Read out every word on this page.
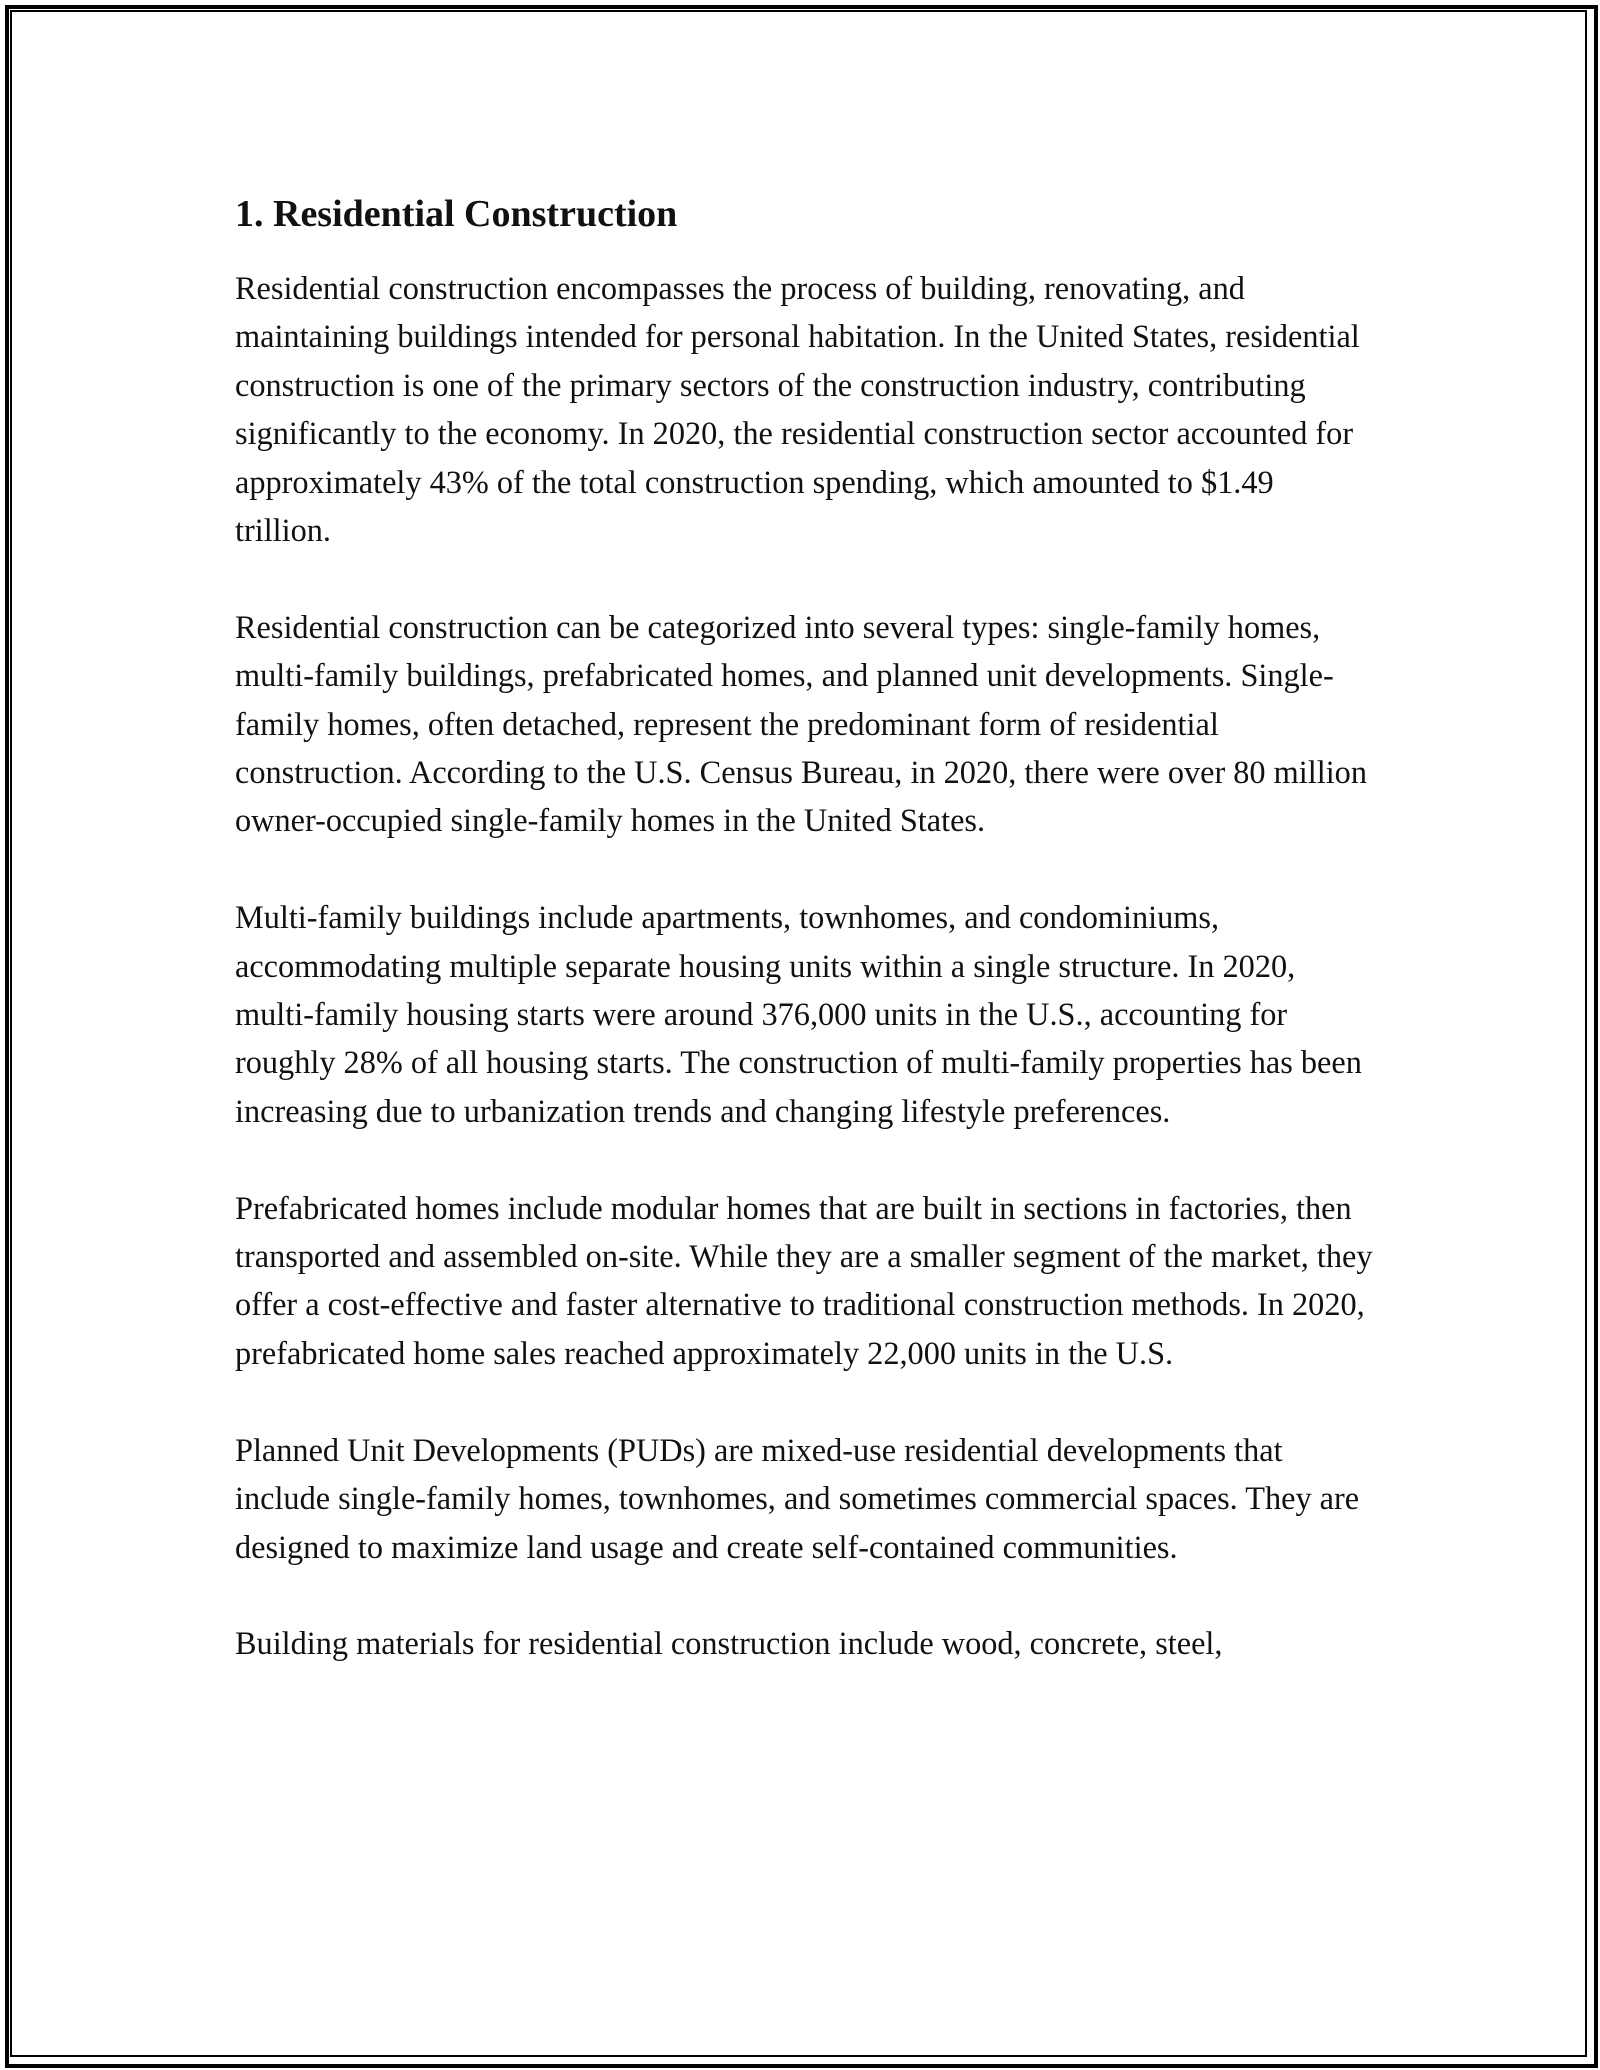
1. Residential Construction

Residential construction encompasses the process of building, renovating, and maintaining buildings intended for personal habitation. In the United States, residential construction is one of the primary sectors of the construction industry, contributing significantly to the economy. In 2020, the residential construction sector accounted for approximately 43% of the total construction spending, which amounted to $1.49 trillion.

Residential construction can be categorized into several types: single-family homes, multi-family buildings, prefabricated homes, and planned unit developments. Single-family homes, often detached, represent the predominant form of residential construction. According to the U.S. Census Bureau, in 2020, there were over 80 million owner-occupied single-family homes in the United States.

Multi-family buildings include apartments, townhomes, and condominiums, accommodating multiple separate housing units within a single structure. In 2020, multi-family housing starts were around 376,000 units in the U.S., accounting for roughly 28% of all housing starts. The construction of multi-family properties has been increasing due to urbanization trends and changing lifestyle preferences.

Prefabricated homes include modular homes that are built in sections in factories, then transported and assembled on-site. While they are a smaller segment of the market, they offer a cost-effective and faster alternative to traditional construction methods. In 2020, prefabricated home sales reached approximately 22,000 units in the U.S.

Planned Unit Developments (PUDs) are mixed-use residential developments that include single-family homes, townhomes, and sometimes commercial spaces. They are designed to maximize land usage and create self-contained communities.

Building materials for residential construction include wood, concrete, steel,
